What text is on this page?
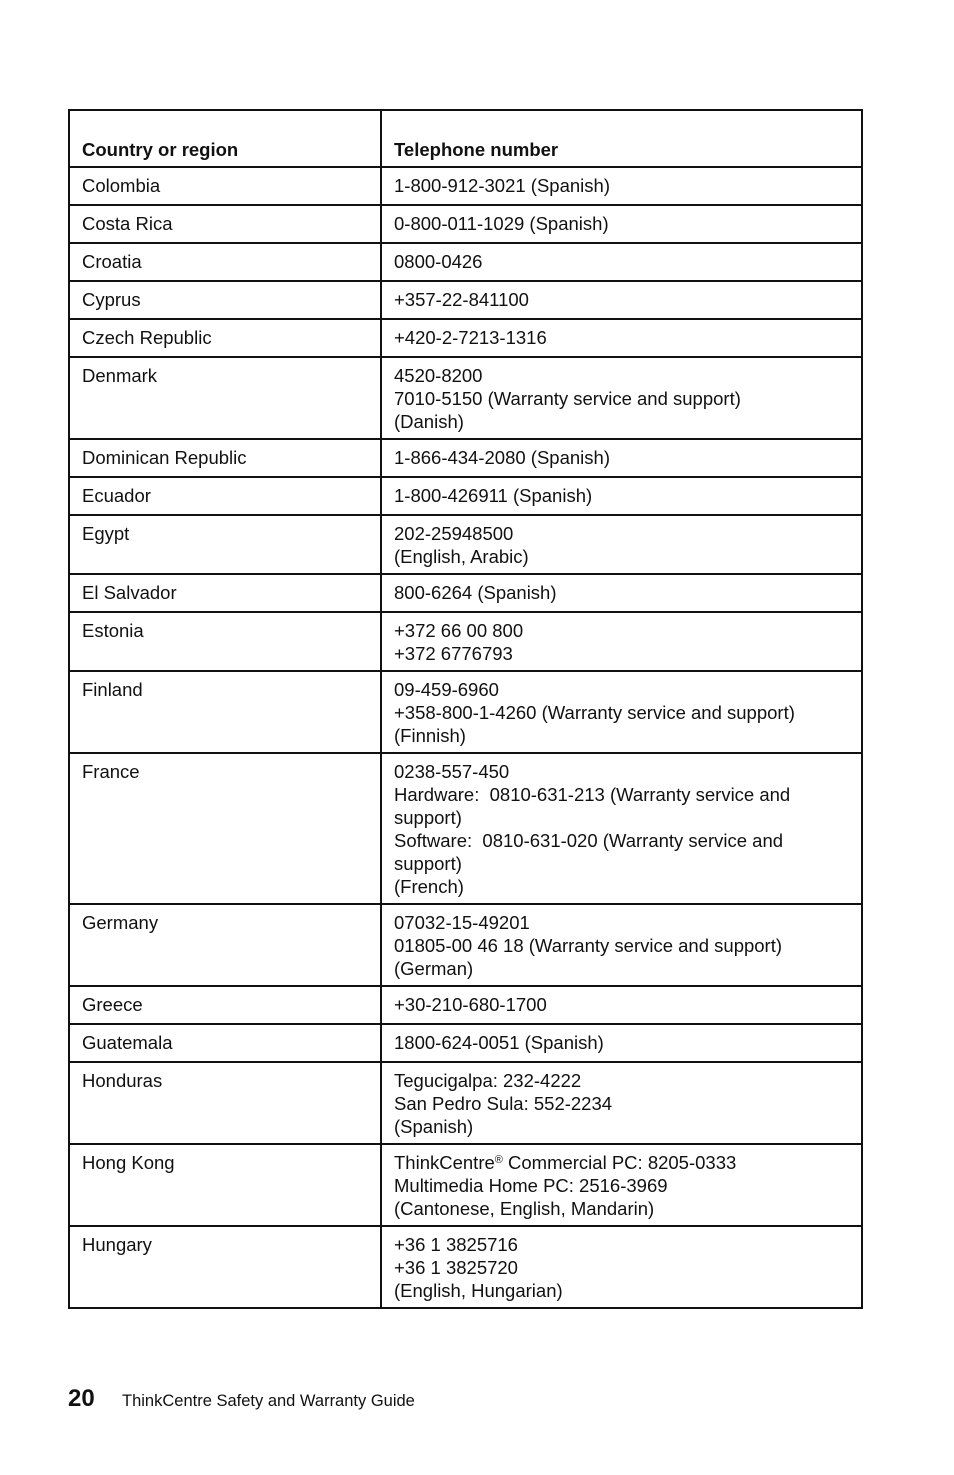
Country or region	Telephone number
Colombia	1-800-912-3021 (Spanish)

Costa Rica	0-800-011-1029 (Spanish)

Croatia	0800-0426

Cyprus	+357-22-841100

Czech Republic	+420-2-7213-1316

Denmark	4520-8200
7010-5150 (Warranty service and support)
(Danish)

Dominican Republic	1-866-434-2080 (Spanish)

Ecuador	1-800-426911 (Spanish)

Egypt	202-25948500
(English, Arabic)

El Salvador	800-6264 (Spanish)

Estonia	+372 66 00 800
+372 6776793

Finland	09-459-6960
+358-800-1-4260 (Warranty service and support)
(Finnish)

France	0238-557-450
Hardware:  0810-631-213 (Warranty service and support)
Software:  0810-631-020 (Warranty service and support)
(French)

Germany	07032-15-49201
01805-00 46 18 (Warranty service and support)
(German)

Greece	+30-210-680-1700

Guatemala	1800-624-0051 (Spanish)

Honduras	Tegucigalpa: 232-4222
San Pedro Sula: 552-2234
(Spanish)

Hong Kong	ThinkCentre® Commercial PC: 8205-0333
Multimedia Home PC: 2516-3969
(Cantonese, English, Mandarin)

Hungary	+36 1 3825716
+36 1 3825720
(English, Hungarian)
20	ThinkCentre Safety and Warranty Guide
